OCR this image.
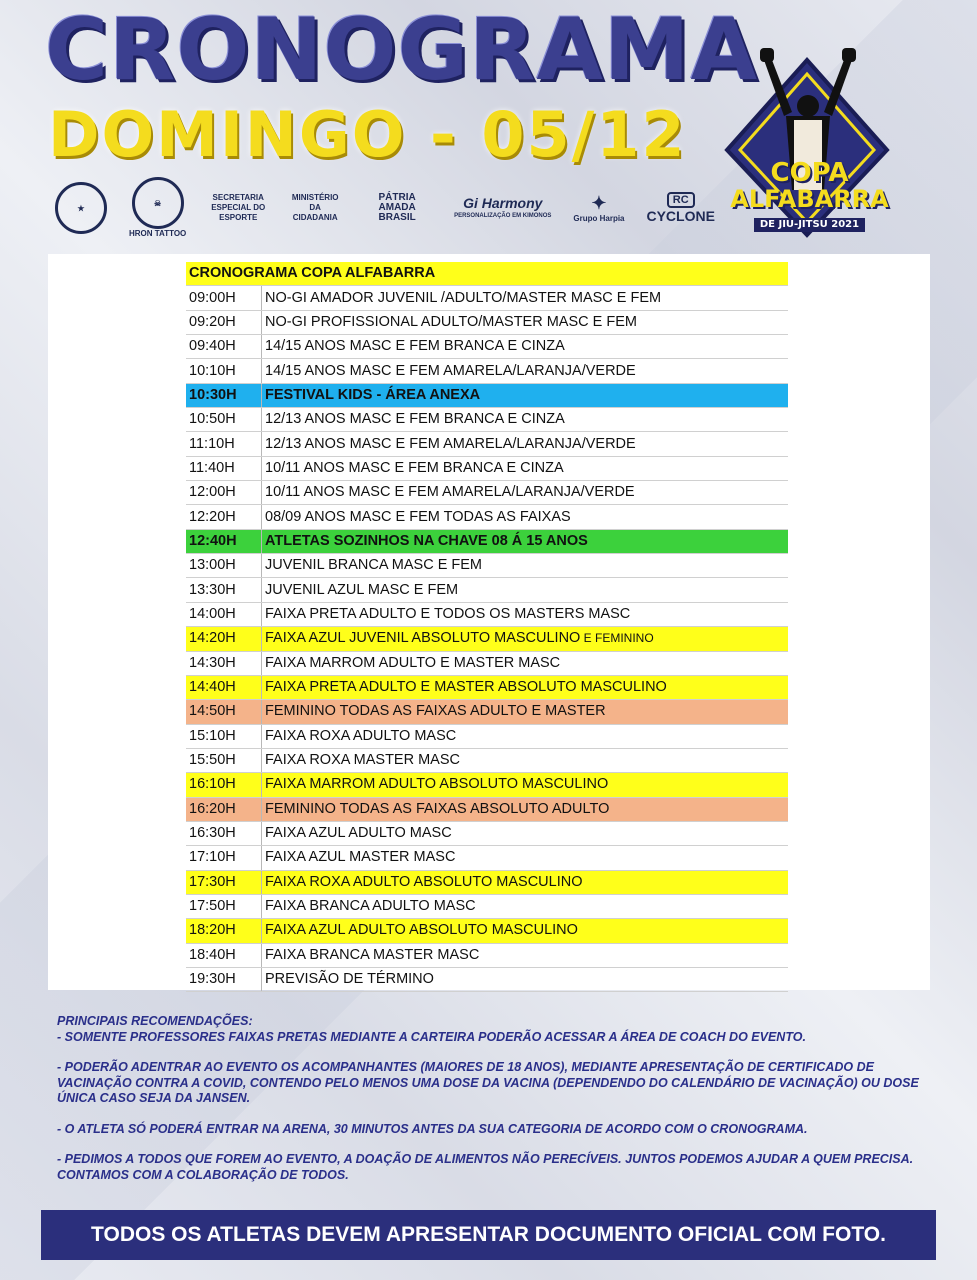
CRONOGRAMA
DOMINGO - 05/12
COPA
ALFABARRA
DE JIU-JITSU 2021
★
☠
HRON TATTOO
SECRETARIA ESPECIAL DO ESPORTE
MINISTÉRIO DA CIDADANIA
PÁTRIA AMADA BRASIL
Gi Harmony
PERSONALIZAÇÃO EM KIMONOS
✦
Grupo Harpia
RC
CYCLONE
CRONOGRAMA COPA ALFABARRA	
09:00H	NO-GI AMADOR JUVENIL /ADULTO/MASTER MASC E FEM
09:20H	NO-GI PROFISSIONAL ADULTO/MASTER MASC E FEM
09:40H	14/15 ANOS MASC E FEM BRANCA E CINZA
10:10H	14/15 ANOS MASC E FEM AMARELA/LARANJA/VERDE
10:30H	FESTIVAL KIDS - ÁREA ANEXA
10:50H	12/13 ANOS MASC E FEM BRANCA E CINZA
11:10H	12/13 ANOS MASC E FEM AMARELA/LARANJA/VERDE
11:40H	10/11 ANOS MASC E FEM BRANCA E CINZA
12:00H	10/11 ANOS MASC E FEM AMARELA/LARANJA/VERDE
12:20H	08/09 ANOS MASC E FEM TODAS AS FAIXAS
12:40H	ATLETAS SOZINHOS NA CHAVE 08 Á 15 ANOS
13:00H	JUVENIL BRANCA MASC E FEM
13:30H	JUVENIL AZUL MASC E FEM
14:00H	FAIXA PRETA ADULTO E TODOS OS MASTERS MASC
14:20H	FAIXA AZUL JUVENIL ABSOLUTO MASCULINO E FEMININO
14:30H	FAIXA MARROM ADULTO E MASTER MASC
14:40H	FAIXA PRETA ADULTO E MASTER ABSOLUTO MASCULINO
14:50H	FEMININO TODAS AS FAIXAS ADULTO E MASTER
15:10H	FAIXA ROXA ADULTO MASC
15:50H	FAIXA ROXA MASTER MASC
16:10H	FAIXA MARROM ADULTO ABSOLUTO MASCULINO
16:20H	FEMININO TODAS AS FAIXAS ABSOLUTO ADULTO
16:30H	FAIXA AZUL ADULTO MASC
17:10H	FAIXA AZUL MASTER MASC
17:30H	FAIXA ROXA ADULTO ABSOLUTO MASCULINO
17:50H	FAIXA BRANCA ADULTO MASC
18:20H	FAIXA AZUL ADULTO ABSOLUTO MASCULINO
18:40H	FAIXA BRANCA MASTER MASC
19:30H	PREVISÃO DE TÉRMINO

PRINCIPAIS RECOMENDAÇÕES:

- SOMENTE PROFESSORES FAIXAS PRETAS MEDIANTE A CARTEIRA PODERÃO ACESSAR A ÁREA DE COACH DO EVENTO.

- PODERÃO ADENTRAR AO EVENTO OS ACOMPANHANTES (MAIORES DE 18 ANOS), MEDIANTE APRESENTAÇÃO DE CERTIFICADO DE VACINAÇÃO CONTRA A COVID, CONTENDO PELO MENOS UMA DOSE DA VACINA (DEPENDENDO DO CALENDÁRIO DE VACINAÇÃO) OU DOSE ÚNICA CASO SEJA DA JANSEN.

- O ATLETA SÓ PODERÁ ENTRAR NA ARENA, 30 MINUTOS ANTES DA SUA CATEGORIA DE ACORDO COM O CRONOGRAMA.

- PEDIMOS A TODOS QUE FOREM AO EVENTO, A DOAÇÃO DE ALIMENTOS NÃO PERECÍVEIS. JUNTOS PODEMOS AJUDAR A QUEM PRECISA. CONTAMOS COM A COLABORAÇÃO DE TODOS.

TODOS OS ATLETAS DEVEM APRESENTAR DOCUMENTO OFICIAL COM FOTO.
